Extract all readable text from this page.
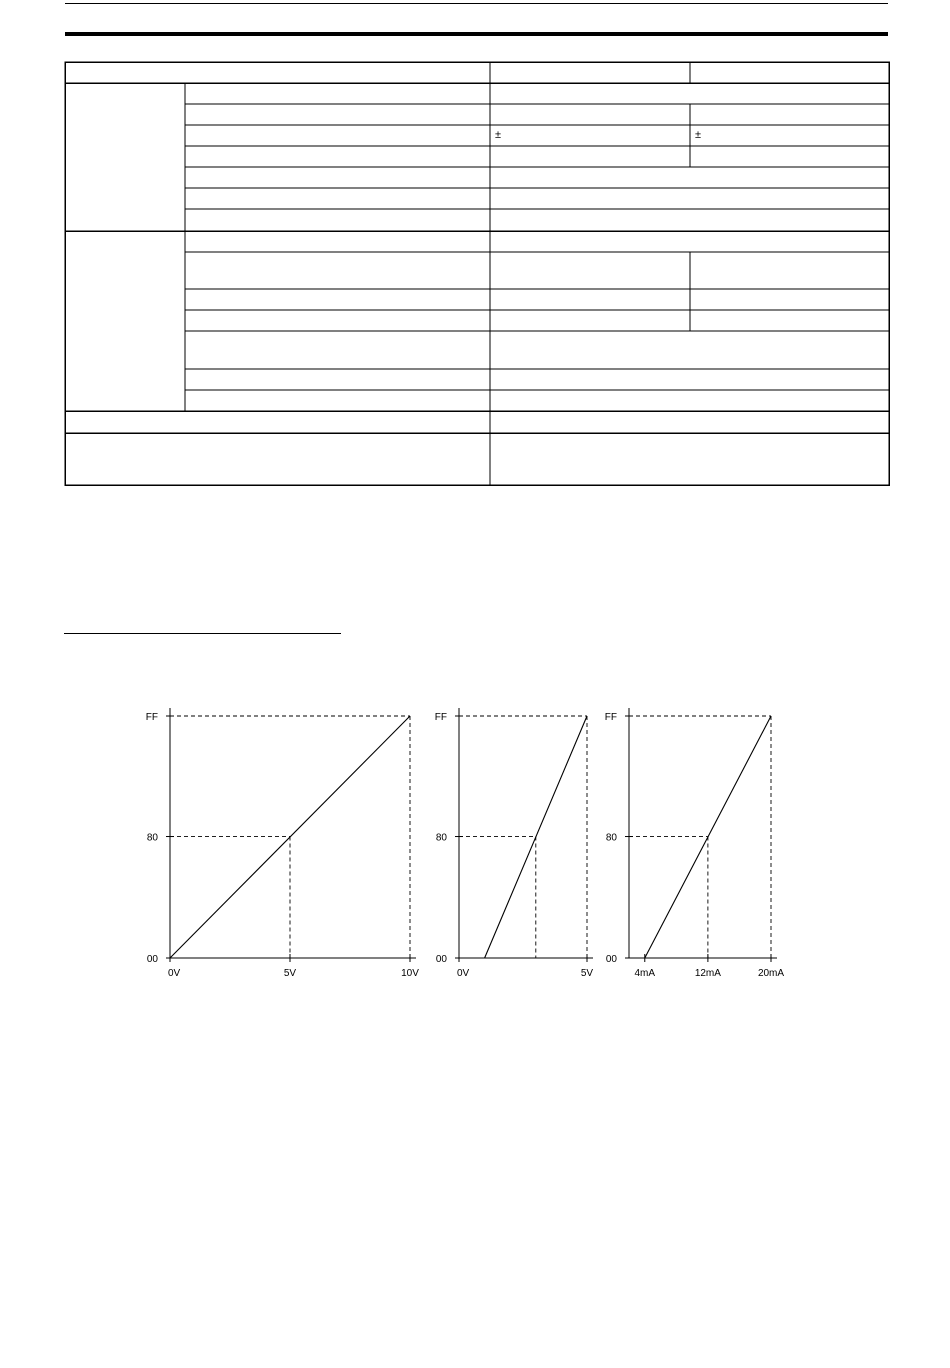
±	±
00
80
FF
0V	5V	10V
00
80
FF
0V	5V
00
80
FF
4mA	12mA	20mA
